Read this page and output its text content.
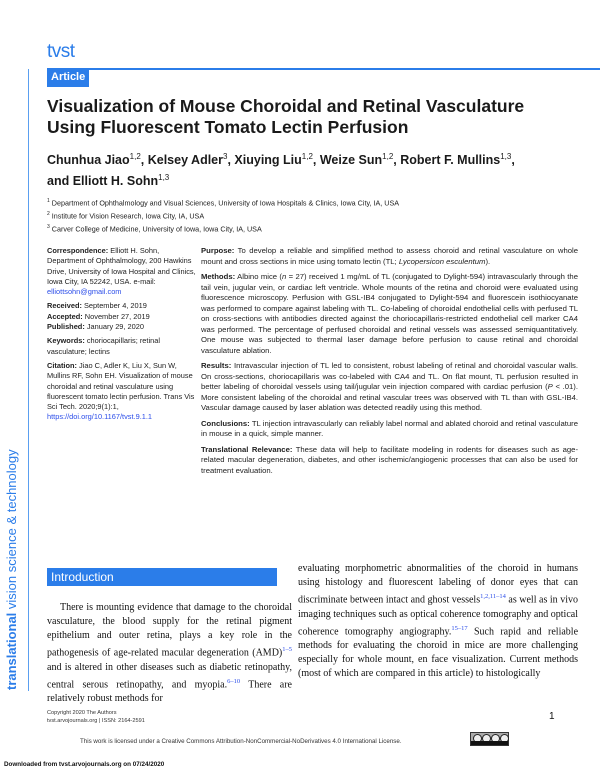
tvst
Article
translational vision science & technology
Visualization of Mouse Choroidal and Retinal Vasculature Using Fluorescent Tomato Lectin Perfusion
Chunhua Jiao$^{1,2}$, Kelsey Adler$^3$, Xiuying Liu$^{1,2}$, Weize Sun$^{1,2}$, Robert F. Mullins$^{1,3}$,
and Elliott H. Sohn$^{1,3}$
$^1$ Department of Ophthalmology and Visual Sciences, University of Iowa Hospitals & Clinics, Iowa City, IA, USA
$^2$ Institute for Vision Research, Iowa City, IA, USA
$^3$ Carver College of Medicine, University of Iowa, Iowa City, IA, USA

Correspondence: Elliott H. Sohn, Department of Ophthalmology, 200 Hawkins Drive, University of Iowa Hospital and Clinics, Iowa City, IA 52242, USA. e-mail:
elliottsohn@gmail.com

Received: September 4, 2019
Accepted: November 27, 2019
Published: January 29, 2020

Keywords: choriocapillaris; retinal vasculature; lectins

Citation: Jiao C, Adler K, Liu X, Sun W, Mullins RF, Sohn EH. Visualization of mouse choroidal and retinal vasculature using fluorescent tomato lectin perfusion. Trans Vis Sci Tech. 2020;9(1):1,
https://doi.org/10.1167/tvst.9.1.1

Purpose: To develop a reliable and simplified method to assess choroid and retinal vasculature on whole mount and cross sections in mice using tomato lectin (TL; Lycopersicon esculentum).

Methods: Albino mice (n = 27) received 1 mg/mL of TL (conjugated to Dylight-594) intravascularly through the tail vein, jugular vein, or cardiac left ventricle. Whole mounts of the retina and choroid were evaluated using fluorescence microscopy. Perfusion with GSL-IB4 conjugated to Dylight-594 and fluorescein isothiocyanate was performed to compare against labeling with TL. Co-labeling of choroidal endothelial cells with perfused TL on cross-sections with antibodies directed against the choriocapillaris-restricted endothelial cell marker CA4 was performed. The percentage of perfused choroidal and retinal vessels was assessed semiquantitatively. One mouse was subjected to thermal laser damage before perfusion to cause retinal and choroidal vasculature ablation.

Results: Intravascular injection of TL led to consistent, robust labeling of retinal and choroidal vascular walls. On cross-sections, choriocapillaris was co-labeled with CA4 and TL. On flat mount, TL perfusion resulted in better labeling of choroidal vessels using tail/jugular vein injection compared with cardiac perfusion (P < .01). More consistent labeling of the choroidal and retinal vascular trees was observed with TL than with GSL-IB4. Vascular damage caused by laser ablation was detected readily using this method.

Conclusions: TL injection intravascularly can reliably label normal and ablated choroid and retinal vasculature in mouse in a quick, simple manner.

Translational Relevance: These data will help to facilitate modeling in rodents for diseases such as age-related macular degeneration, diabetes, and other ischemic/angiogenic processes that can also be used for treatment evaluation.

Introduction
There is mounting evidence that damage to the choroidal vasculature, the blood supply for the retinal pigment epithelium and outer retina, plays a key role in the pathogenesis of age-related macular degeneration (AMD)$^{1-5}$ and is altered in other diseases such as diabetic retinopathy, central serous retinopathy, and myopia.$^{6-10}$ There are relatively robust methods for
evaluating morphometric abnormalities of the choroid in humans using histology and fluorescent labeling of donor eyes that can discriminate between intact and ghost vessels$^{1,2,11-14}$ as well as in vivo imaging techniques such as optical coherence tomography and optical coherence tomography angiography.$^{15-17}$ Such rapid and reliable methods for evaluating the choroid in mice are more challenging especially for whole mount, en face visualization. Current methods (most of which are compared in this article) to histologically
Copyright 2020 The Authors
tvst.arvojournals.org | ISSN: 2164-2591	1
This work is licensed under a Creative Commons Attribution-NonCommercial-NoDerivatives 4.0 International License.
Downloaded from tvst.arvojournals.org on 07/24/2020
